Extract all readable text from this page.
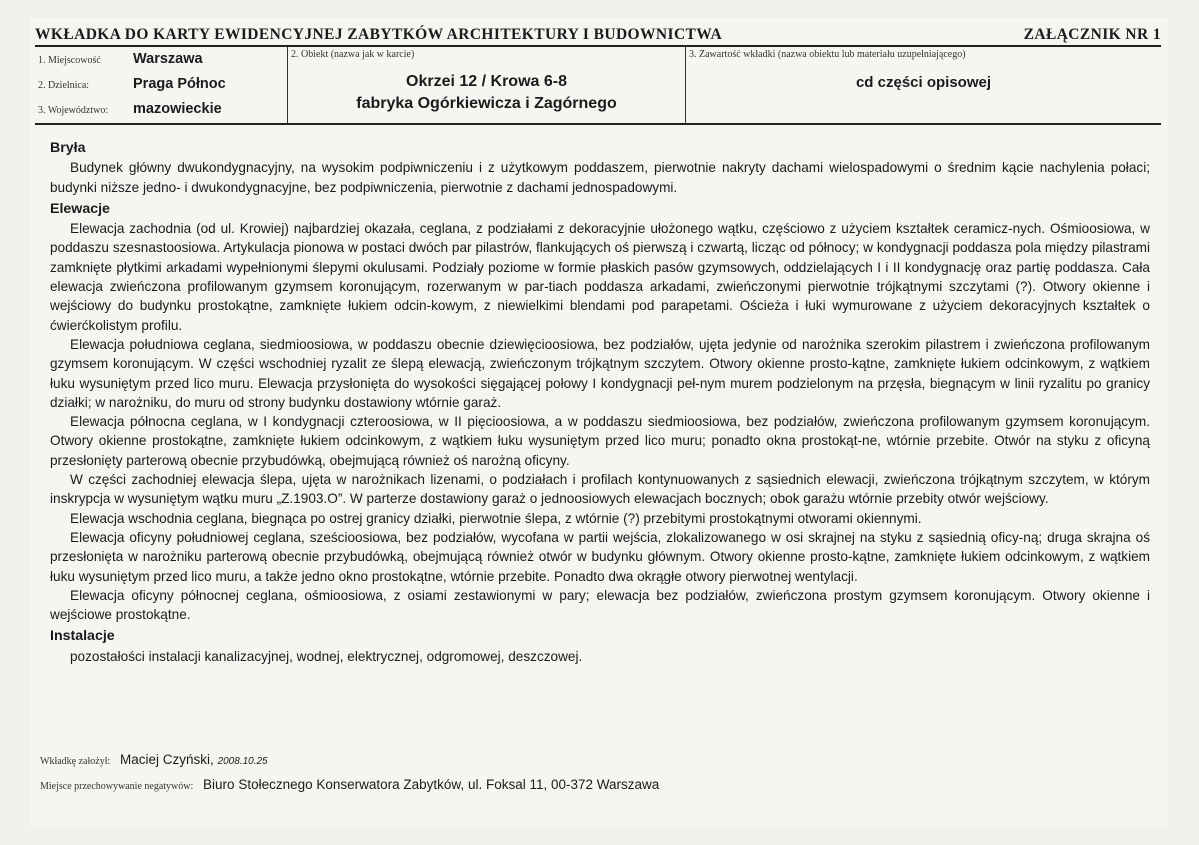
WKŁADKA DO KARTY EWIDENCYJNEJ ZABYTKÓW ARCHITEKTURY I BUDOWNICTWA	ZAŁĄCZNIK NR 1
1. Miejscowość Warszawa
2. Dzielnica:	Praga Północ
3. Województwo: mazowieckie
2. Obiekt (nazwa jak w karcie)
Okrzei 12 / Krowa 6-8
fabryka Ogórkiewicza i Zagórnego
3. Zawartość wkładki (nazwa obiektu lub materiału uzupełniającego)
cd części opisowej
Bryła

Budynek główny dwukondygnacyjny, na wysokim podpiwniczeniu i z użytkowym poddaszem, pierwotnie nakryty dachami wielospadowymi o średnim kącie nachylenia połaci; budynki niższe jedno- i dwukondygnacyjne, bez podpiwniczenia, pierwotnie z dachami jednospadowymi.

Elewacje

Elewacja zachodnia (od ul. Krowiej) najbardziej okazała, ceglana, z podziałami z dekoracyjnie ułożonego wątku, częściowo z użyciem kształtek ceramicz-nych. Ośmioosiowa, w poddaszu szesnastoosiowa. Artykulacja pionowa w postaci dwóch par pilastrów, flankujących oś pierwszą i czwartą, licząc od północy; w kondygnacji poddasza pola między pilastrami zamknięte płytkimi arkadami wypełnionymi ślepymi okulusami. Podziały poziome w formie płaskich pasów gzymsowych, oddzielających I i II kondygnację oraz partię poddasza. Cała elewacja zwieńczona profilowanym gzymsem koronującym, rozerwanym w par-tiach poddasza arkadami, zwieńczonymi pierwotnie trójkątnymi szczytami (?). Otwory okienne i wejściowy do budynku prostokątne, zamknięte łukiem odcin-kowym, z niewielkimi blendami pod parapetami. Ościeża i łuki wymurowane z użyciem dekoracyjnych kształtek o ćwierćkolistym profilu.

Elewacja południowa ceglana, siedmioosiowa, w poddaszu obecnie dziewięcioosiowa, bez podziałów, ujęta jedynie od narożnika szerokim pilastrem i zwieńczona profilowanym gzymsem koronującym. W części wschodniej ryzalit ze ślepą elewacją, zwieńczonym trójkątnym szczytem. Otwory okienne prosto-kątne, zamknięte łukiem odcinkowym, z wątkiem łuku wysuniętym przed lico muru. Elewacja przysłonięta do wysokości sięgającej połowy I kondygnacji peł-nym murem podzielonym na przęsła, biegnącym w linii ryzalitu po granicy działki; w narożniku, do muru od strony budynku dostawiony wtórnie garaż.

Elewacja północna ceglana, w I kondygnacji czteroosiowa, w II pięcioosiowa, a w poddaszu siedmioosiowa, bez podziałów, zwieńczona profilowanym gzymsem koronującym. Otwory okienne prostokątne, zamknięte łukiem odcinkowym, z wątkiem łuku wysuniętym przed lico muru; ponadto okna prostokąt-ne, wtórnie przebite. Otwór na styku z oficyną przesłonięty parterową obecnie przybudówką, obejmującą również oś narożną oficyny.

W części zachodniej elewacja ślepa, ujęta w narożnikach lizenami, o podziałach i profilach kontynuowanych z sąsiednich elewacji, zwieńczona trójkątnym szczytem, w którym inskrypcja w wysuniętym wątku muru „Z.1903.O”. W parterze dostawiony garaż o jednoosiowych elewacjach bocznych; obok garażu wtórnie przebity otwór wejściowy.

Elewacja wschodnia ceglana, biegnąca po ostrej granicy działki, pierwotnie ślepa, z wtórnie (?) przebitymi prostokątnymi otworami okiennymi.

Elewacja oficyny południowej ceglana, sześcioosiowa, bez podziałów, wycofana w partii wejścia, zlokalizowanego w osi skrajnej na styku z sąsiednią oficy-ną; druga skrajna oś przesłonięta w narożniku parterową obecnie przybudówką, obejmującą również otwór w budynku głównym. Otwory okienne prosto-kątne, zamknięte łukiem odcinkowym, z wątkiem łuku wysuniętym przed lico muru, a także jedno okno prostokątne, wtórnie przebite. Ponadto dwa okrągłe otwory pierwotnej wentylacji.

Elewacja oficyny północnej ceglana, ośmioosiowa, z osiami zestawionymi w pary; elewacja bez podziałów, zwieńczona prostym gzymsem koronującym. Otwory okienne i wejściowe prostokątne.

Instalacje
pozostałości instalacji kanalizacyjnej, wodnej, elektrycznej, odgromowej, deszczowej.
Wkładkę założył: Maciej Czyński, 2008.10.25
Miejsce przechowywanie negatywów: Biuro Stołecznego Konserwatora Zabytków, ul. Foksal 11, 00-372 Warszawa
